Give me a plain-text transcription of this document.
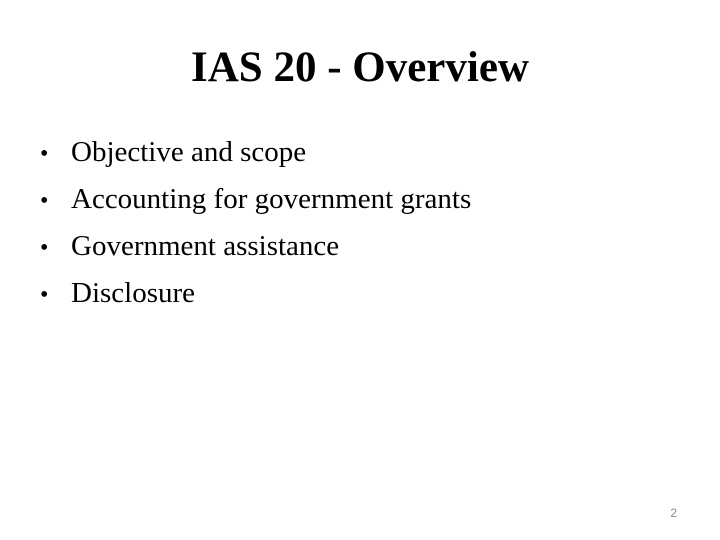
IAS 20 - Overview
• Objective and scope
• Accounting for government grants
• Government assistance
• Disclosure
2
